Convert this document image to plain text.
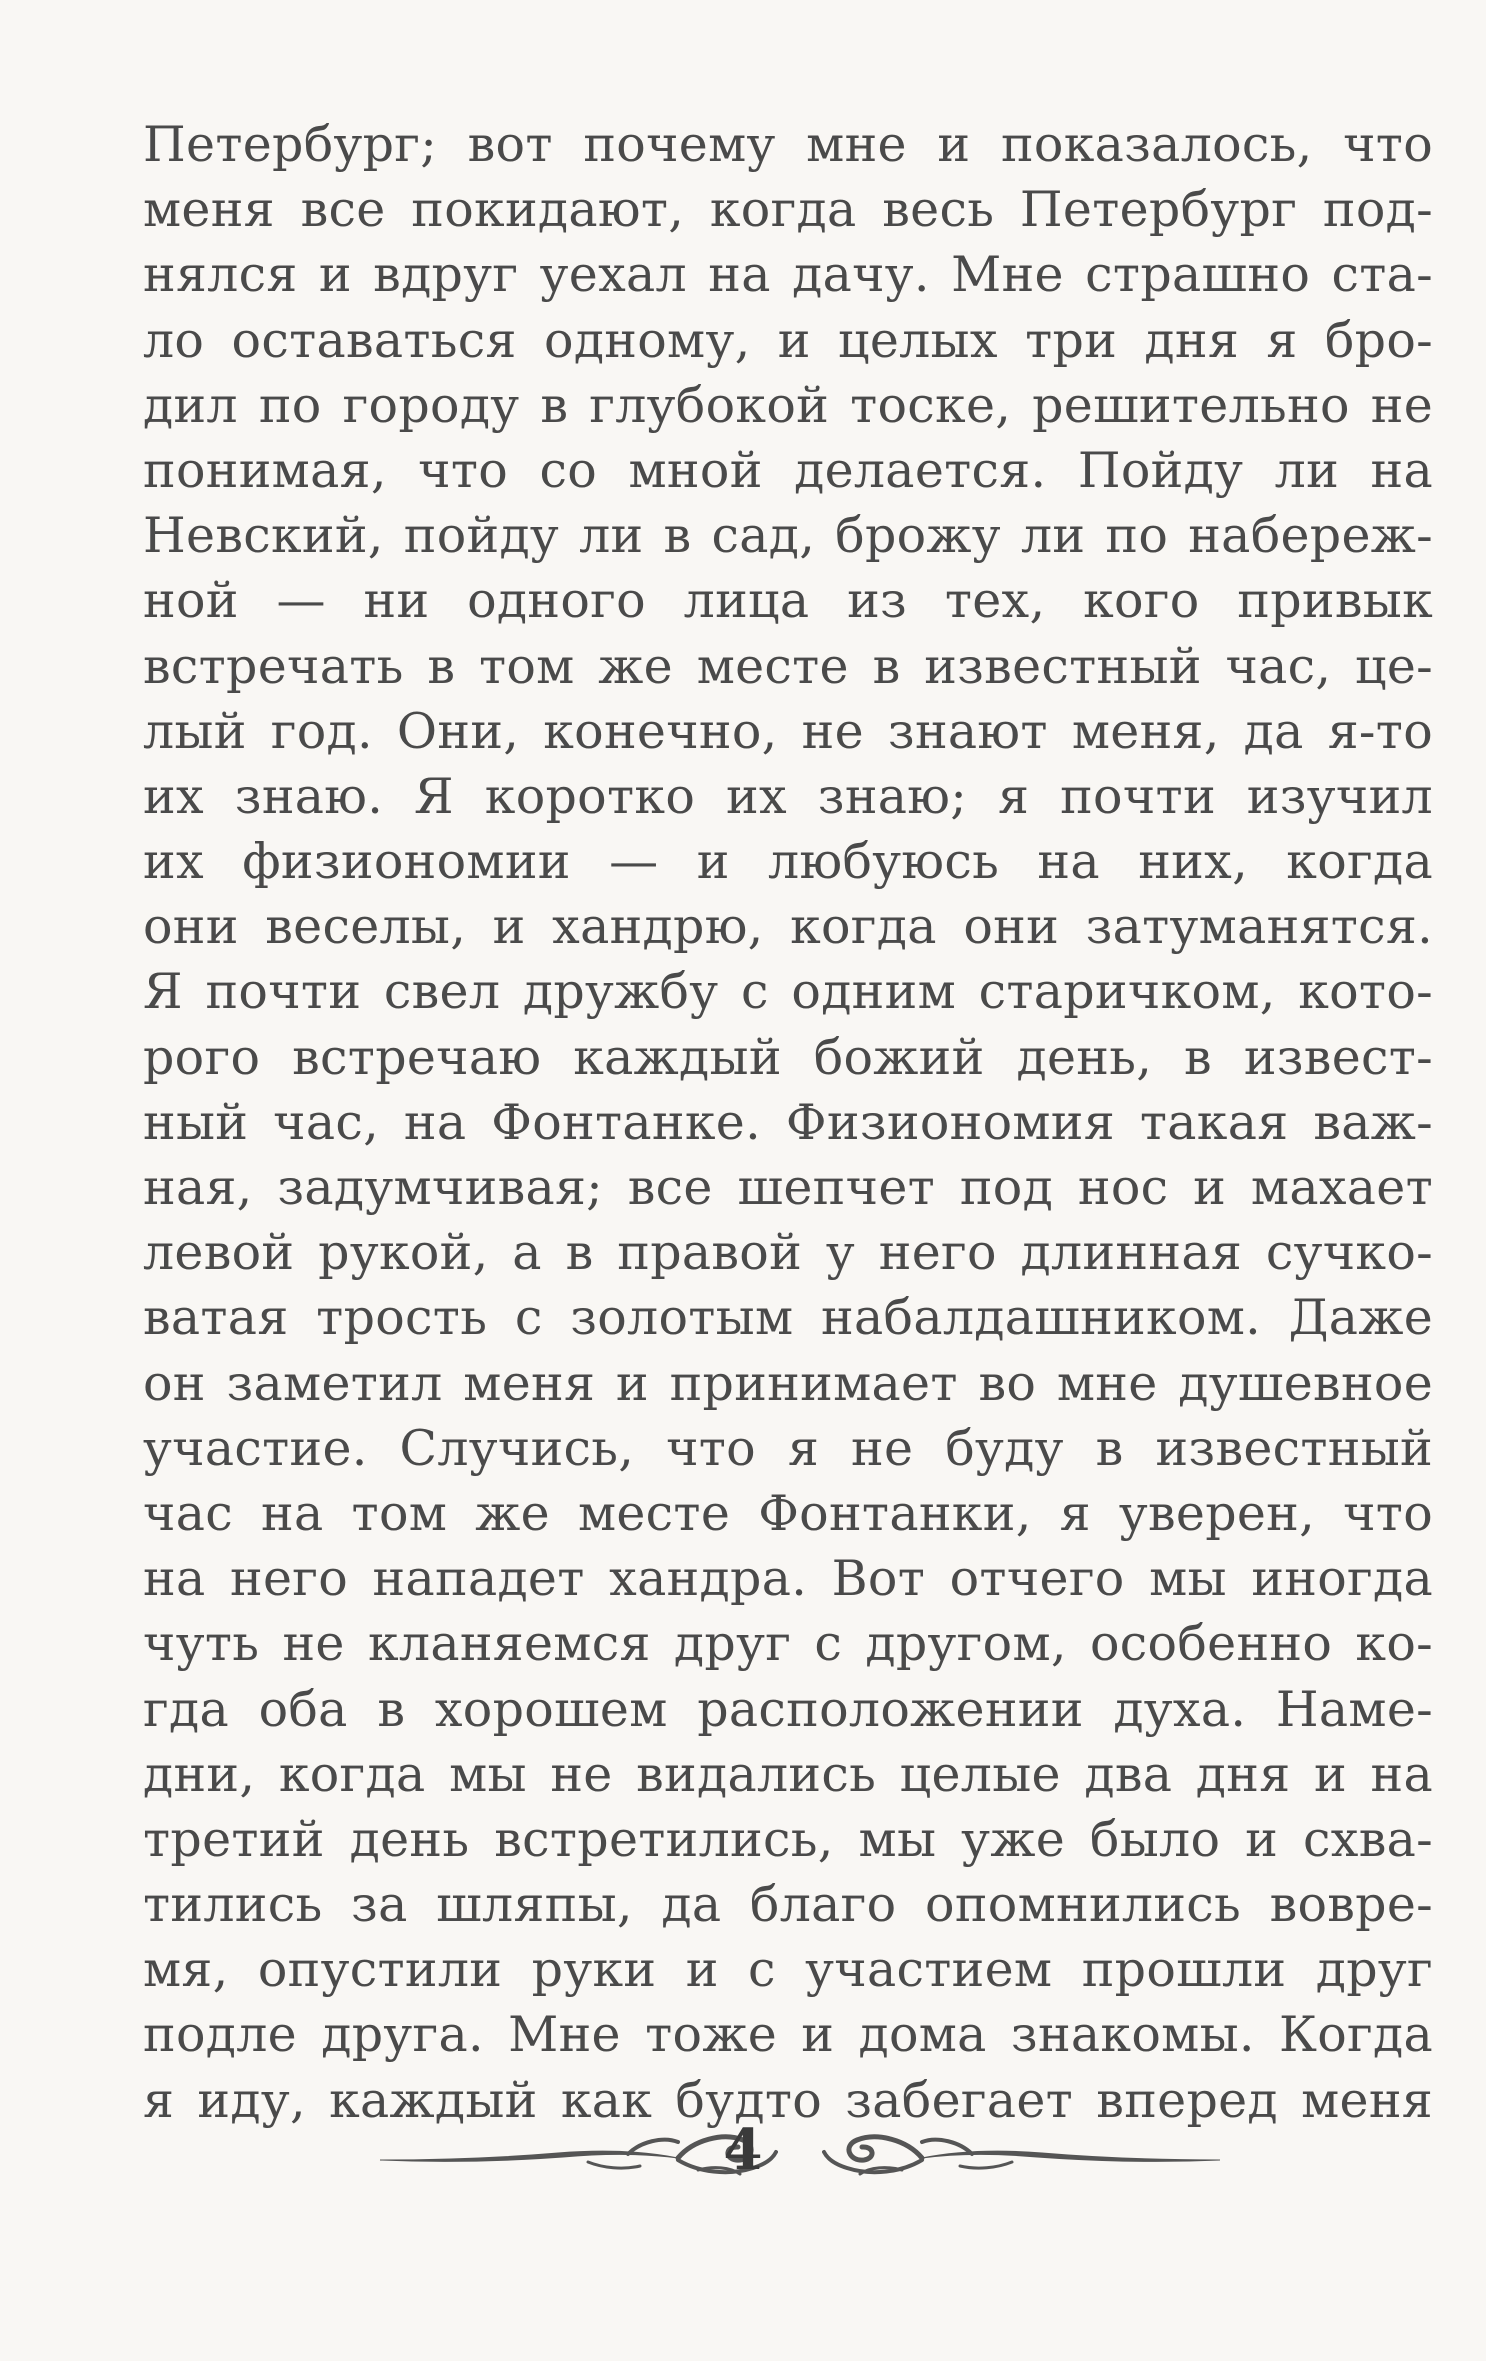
Петербург; вот почему мне и показалось, что
меня все покидают, когда весь Петербург под-
нялся и вдруг уехал на дачу. Мне страшно ста-
ло оставаться одному, и целых три дня я бро-
дил по городу в глубокой тоске, решительно не
понимая, что со мной делается. Пойду ли на
Невский, пойду ли в сад, брожу ли по набереж-
ной — ни одного лица из тех, кого привык
встречать в том же месте в известный час, це-
лый год. Они, конечно, не знают меня, да я-то
их знаю. Я коротко их знаю; я почти изучил
их физиономии — и любуюсь на них, когда
они веселы, и хандрю, когда они затуманятся.
Я почти свел дружбу с одним старичком, кото-
рого встречаю каждый божий день, в извест-
ный час, на Фонтанке. Физиономия такая важ-
ная, задумчивая; все шепчет под нос и махает
левой рукой, а в правой у него длинная сучко-
ватая трость с золотым набалдашником. Даже
он заметил меня и принимает во мне душевное
участие. Случись, что я не буду в известный
час на том же месте Фонтанки, я уверен, что
на него нападет хандра. Вот отчего мы иногда
чуть не кланяемся друг с другом, особенно ко-
гда оба в хорошем расположении духа. Наме-
дни, когда мы не видались целые два дня и на
третий день встретились, мы уже было и схва-
тились за шляпы, да благо опомнились вовре-
мя, опустили руки и с участием прошли друг
подле друга. Мне тоже и дома знакомы. Когда
я иду, каждый как будто забегает вперед меня
4
